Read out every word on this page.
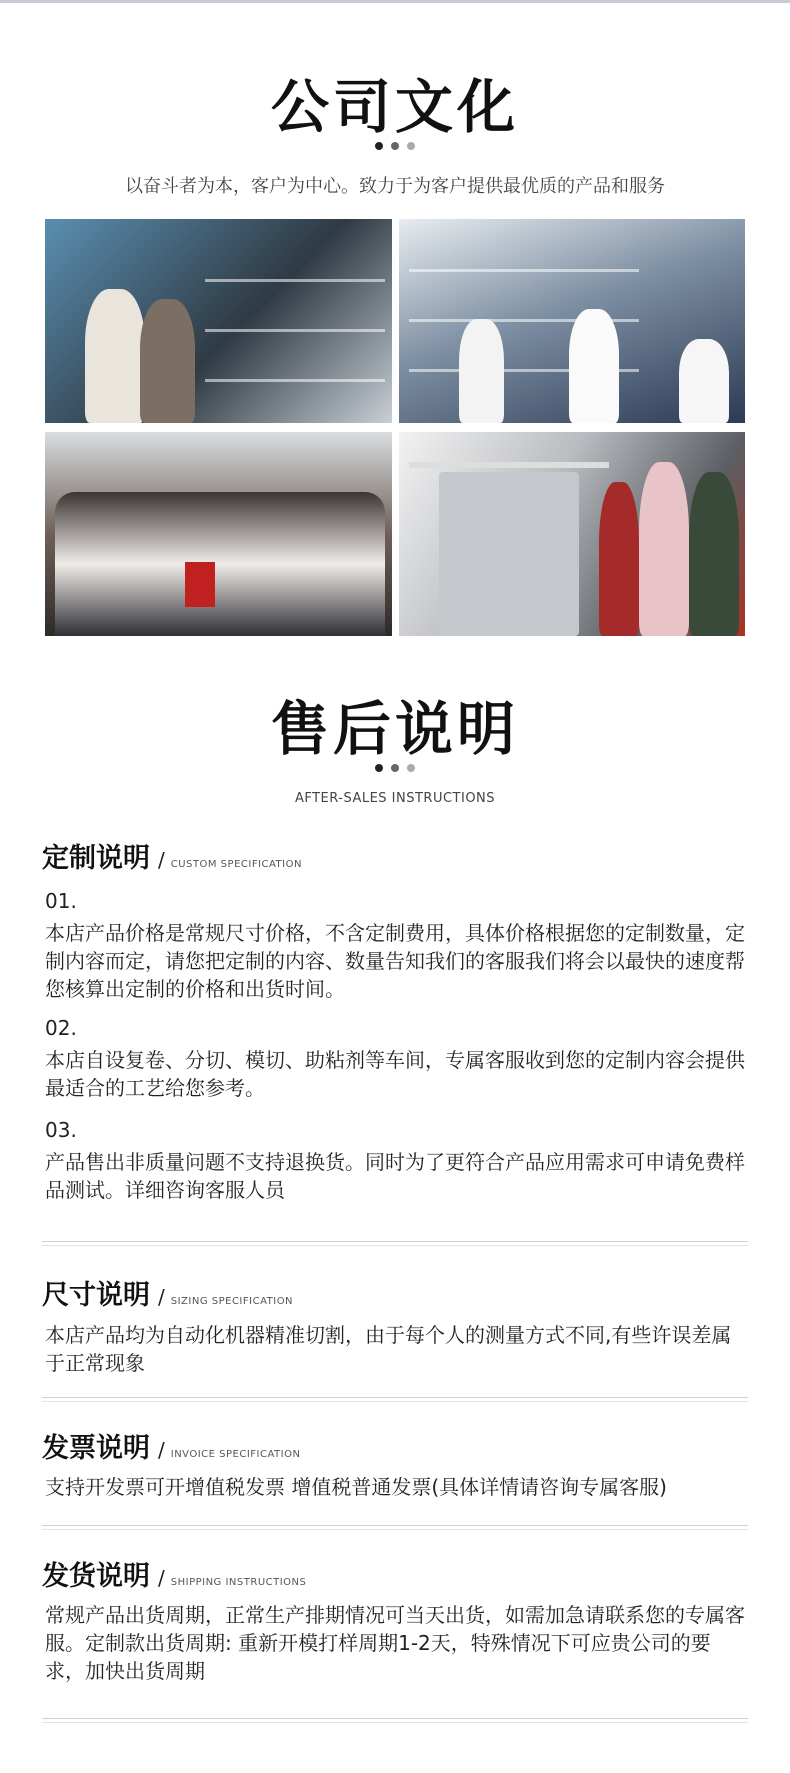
公司文化
以奋斗者为本，客户为中心。致力于为客户提供最优质的产品和服务
售后说明
AFTER-SALES INSTRUCTIONS
定制说明 / CUSTOM SPECIFICATION
01.
本店产品价格是常规尺寸价格，不含定制费用，具体价格根据您的定制数量，定制内容而定，请您把定制的内容、数量告知我们的客服我们将会以最快的速度帮您核算出定制的价格和出货时间。
02.
本店自设复卷、分切、模切、助粘剂等车间，专属客服收到您的定制内容会提供最适合的工艺给您参考。
03.
产品售出非质量问题不支持退换货。同时为了更符合产品应用需求可申请免费样品测试。详细咨询客服人员
尺寸说明 / SIZING SPECIFICATION
本店产品均为自动化机器精准切割，由于每个人的测量方式不同,有些许误差属于正常现象
发票说明 / INVOICE SPECIFICATION
支持开发票可开增值税发票 增值税普通发票(具体详情请咨询专属客服)
发货说明 / SHIPPING INSTRUCTIONS
常规产品出货周期，正常生产排期情况可当天出货，如需加急请联系您的专属客服。定制款出货周期: 重新开模打样周期1-2天，特殊情况下可应贵公司的要求，加快出货周期
